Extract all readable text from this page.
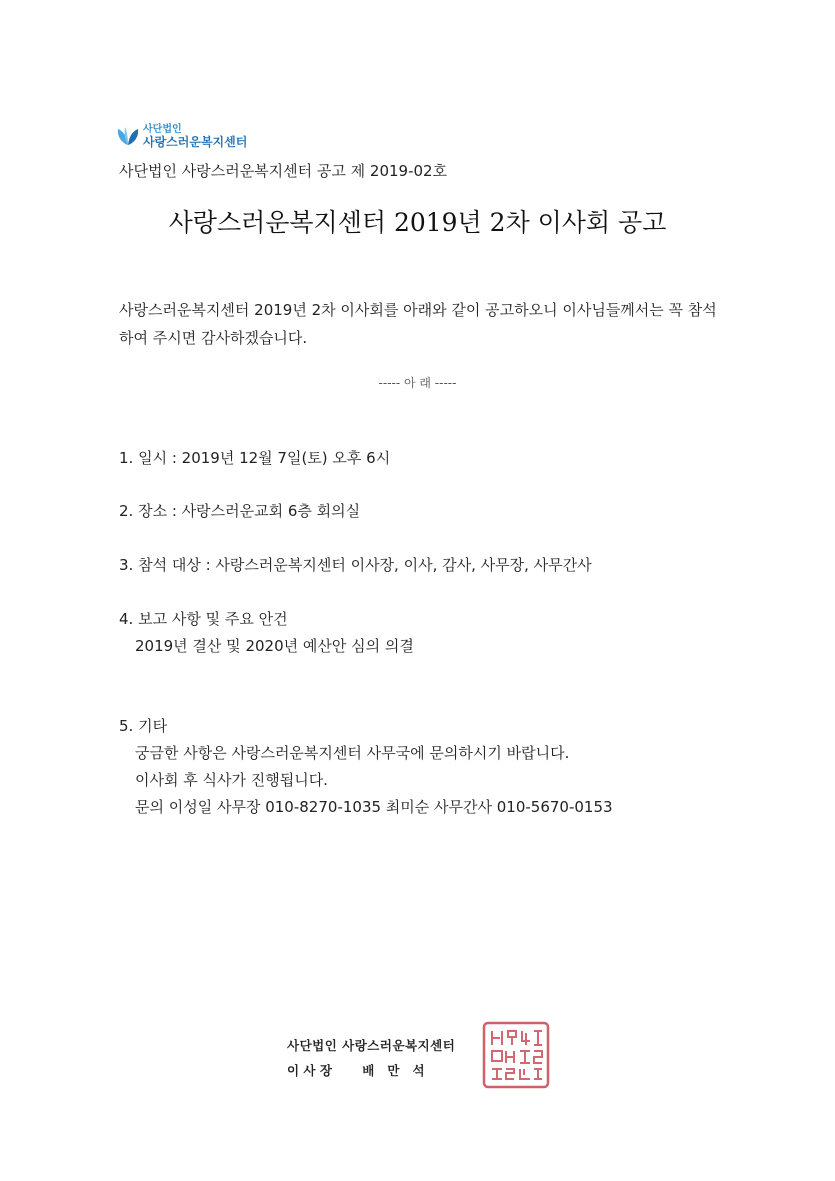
사단법인
사랑스러운복지센터
사단법인 사랑스러운복지센터 공고 제 2019-02호
사랑스러운복지센터 2019년 2차 이사회 공고

사랑스러운복지센터 2019년 2차 이사회를 아래와 같이 공고하오니 이사님들께서는 꼭 참석 하여 주시면 감사하겠습니다.

----- 아 래 -----
1. 일시 : 2019년 12월 7일(토) 오후 6시
2. 장소 : 사랑스러운교회 6층 회의실
3. 참석 대상 : 사랑스러운복지센터 이사장, 이사, 감사, 사무장, 사무간사
4. 보고 사항 및 주요 안건
2019년 결산 및 2020년 예산안 심의 의결
5. 기타
궁금한 사항은 사랑스러운복지센터 사무국에 문의하시기 바랍니다.
이사회 후 식사가 진행됩니다.
문의 이성일 사무장 010-8270-1035 최미순 사무간사 010-5670-0153
사단법인 사랑스러운복지센터
이 사 장 배   만   석
